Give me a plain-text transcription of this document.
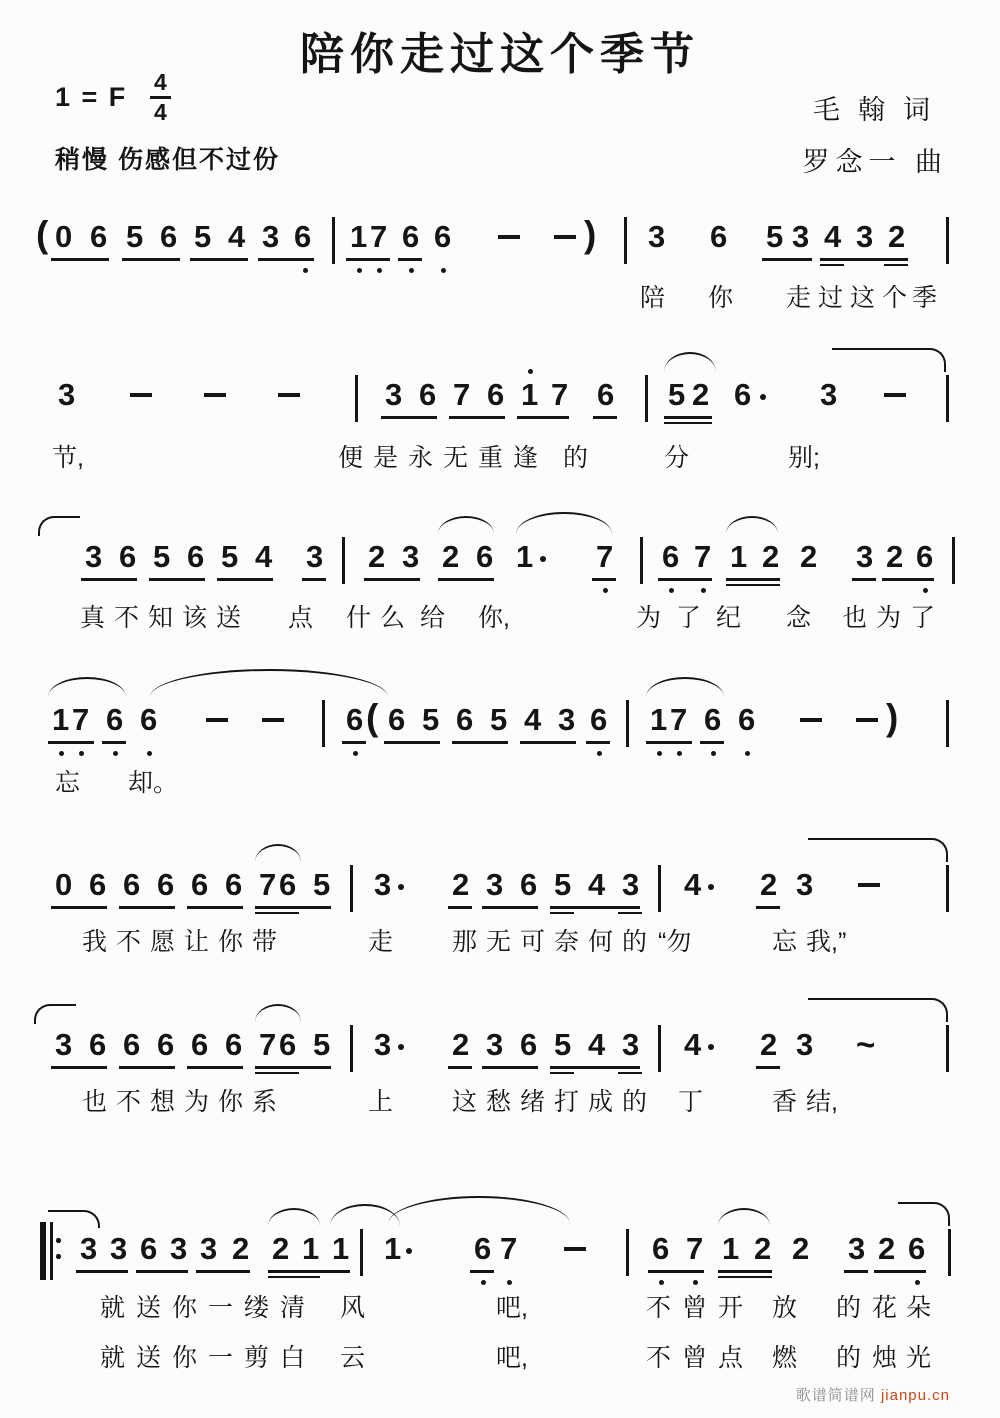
陪你走过这个季节
1 = F $\frac{4}{4}$
稍慢 伤感但不过份
毛翰词
罗念一 曲
( 0 6 5 6 5 4 3 6 1 7 6 6	) 3 6 5 3 4 3 2
陪 你 走 过 这 个 季
3	3 6 7 6 1 7 6 5 2 6 3
节,	便 是 永 无 重 逢 的	分	别;
3 6 5 6 5 4 3 2 3 2 6 1 7 6 7 1 2 2 3 2 6
真 不 知 该 送 点 什 么 给 你,	为 了 纪 念 也 为 了
1 7 6 6	6 ( 6 5 6 5 4 3 6 1 7 6 6	)
忘 却。
0 6 6 6 6 6 7 6 5 3 2 3 6 5 4 3 4 2 3
我 不 愿 让 你 带	走 那 无 可 奈 何 的 “勿	忘 我,”
3 6 6 6 6 6 7 6 5 3 2 3 6 5 4 3 4 2 3 ~
也 不 想 为 你 系	上 这 愁 绪 打 成 的 丁	香 结,
3 3 6 3 3 2 2 1 1 1 6 7	6 7 1 2 2 3 2 6
就 送 你 一 缕 清 风	吧,	不 曾 开 放 的 花 朵
就 送 你 一 剪 白 云	吧,	不 曾 点 燃 的 烛 光
歌谱简谱网 jianpu.cn
